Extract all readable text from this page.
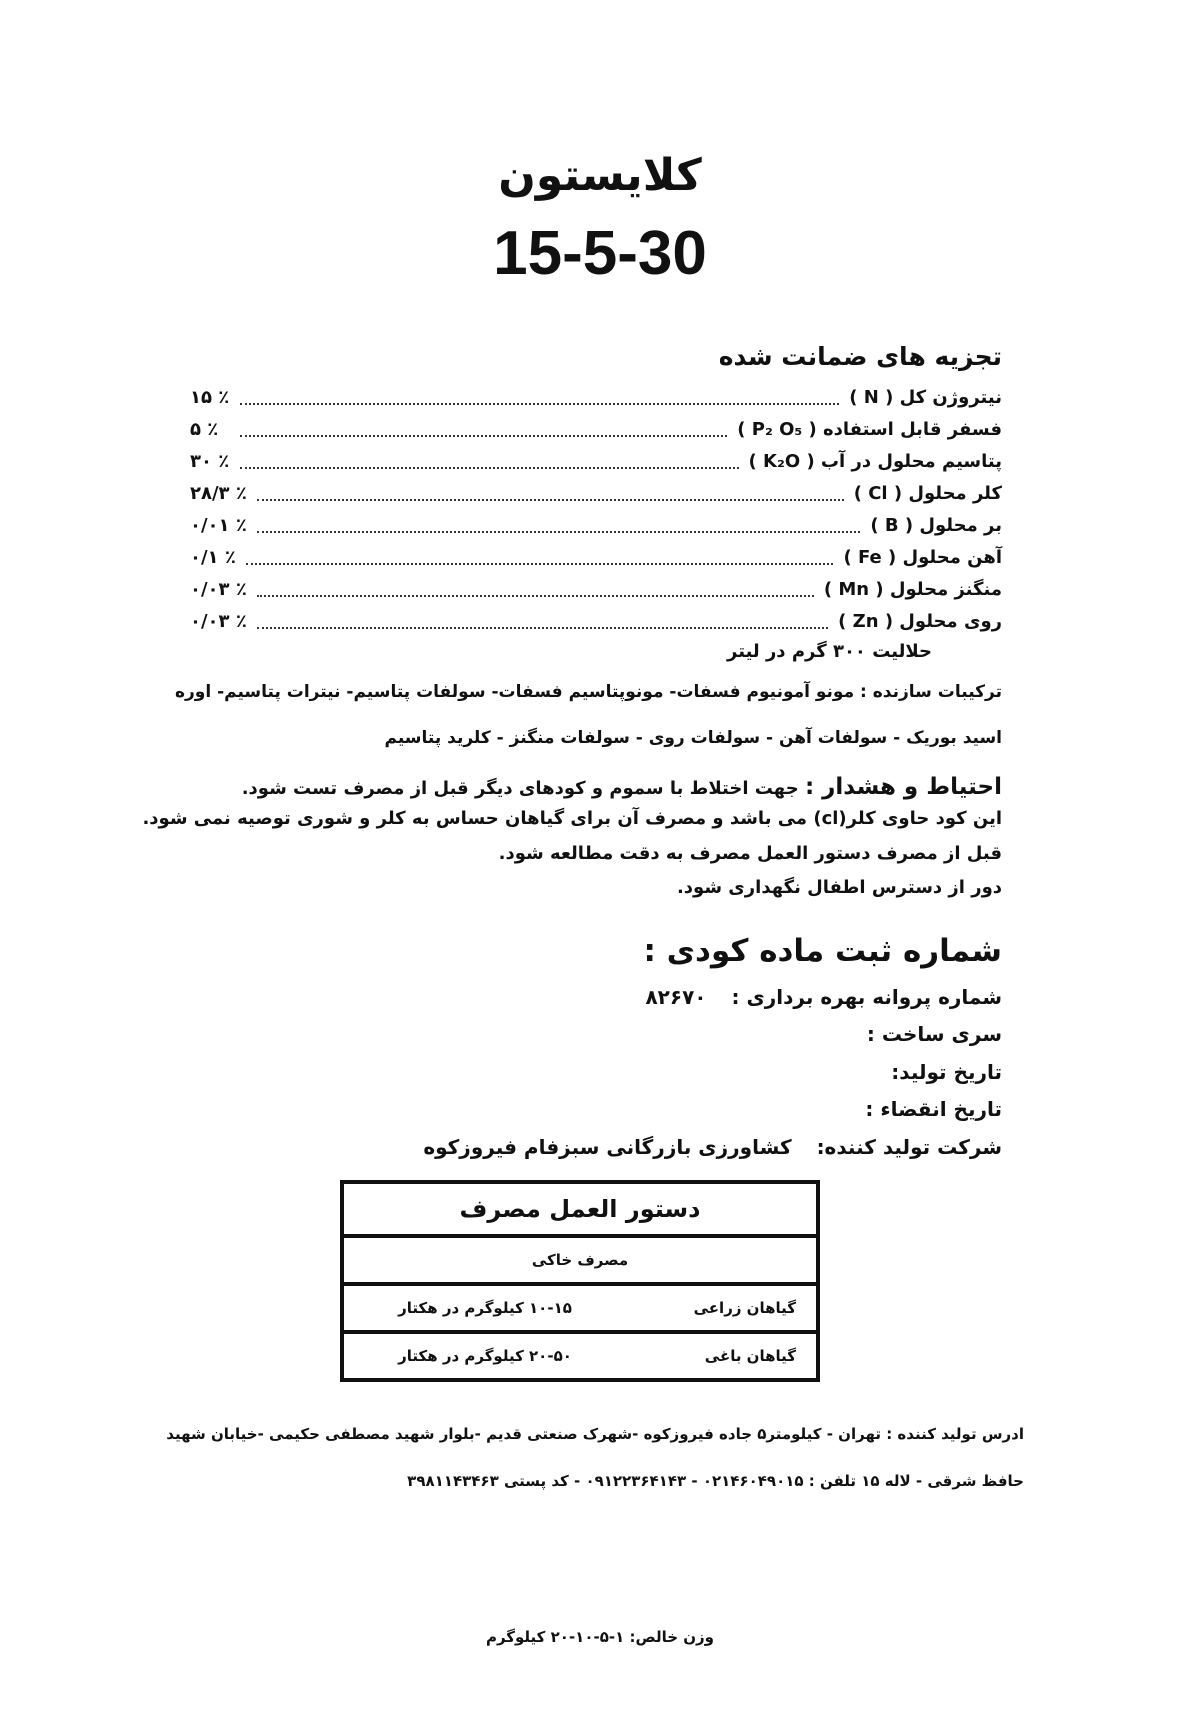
کلایستون
15-5-30
تجزیه های ضمانت شده
نیتروژن کل ( N )
٪ ۱۵
فسفر قابل استفاده ( P₂ O₅ )
٪ ۵
پتاسیم محلول در آب ( K₂O )
٪ ۳۰
کلر محلول ( Cl )
٪ ۲۸/۳
بر محلول ( B )
٪ ۰/۰۱
آهن محلول ( Fe )
٪ ۰/۱
منگنز محلول ( Mn )
٪ ۰/۰۳
روی محلول ( Zn )
٪ ۰/۰۳
حلالیت ۳۰۰ گرم در لیتر
ترکیبات سازنده : مونو آمونیوم فسفات- مونوپتاسیم فسفات- سولفات پتاسیم- نیترات پتاسیم- اوره
اسید بوریک - سولفات آهن - سولفات روی - سولفات منگنز - کلرید پتاسیم
احتیاط و هشدار : جهت اختلاط با سموم و کودهای دیگر قبل از مصرف تست شود.
این کود حاوی کلر(cl) می باشد و مصرف آن برای گیاهان حساس به کلر و شوری توصیه نمی شود.
قبل از مصرف دستور العمل مصرف به دقت مطالعه شود.
دور از دسترس اطفال نگهداری شود.
شماره ثبت ماده کودی :
شماره پروانه بهره برداری : ۸۲۶۷۰
سری ساخت :
تاریخ تولید:
تاریخ انقضاء :
شرکت تولید کننده: کشاورزی بازرگانی سبزفام فیروزکوه
دستور العمل مصرف
مصرف خاکی
گیاهان زراعی
۱۰-۱۵ کیلوگرم در هکتار
گیاهان باغی
۲۰-۵۰ کیلوگرم در هکتار
ادرس تولید کننده : تهران - کیلومتر۵ جاده فیروزکوه -شهرک صنعتی قدیم -بلوار شهید مصطفی حکیمی -خیابان شهید
حافظ شرقی - لاله ۱۵ تلفن : ۰۲۱۴۶۰۴۹۰۱۵ - ۰۹۱۲۲۳۶۴۱۴۳ - کد پستی ۳۹۸۱۱۴۳۴۶۳
وزن خالص: ۱-۵-۱۰-۲۰ کیلوگرم
